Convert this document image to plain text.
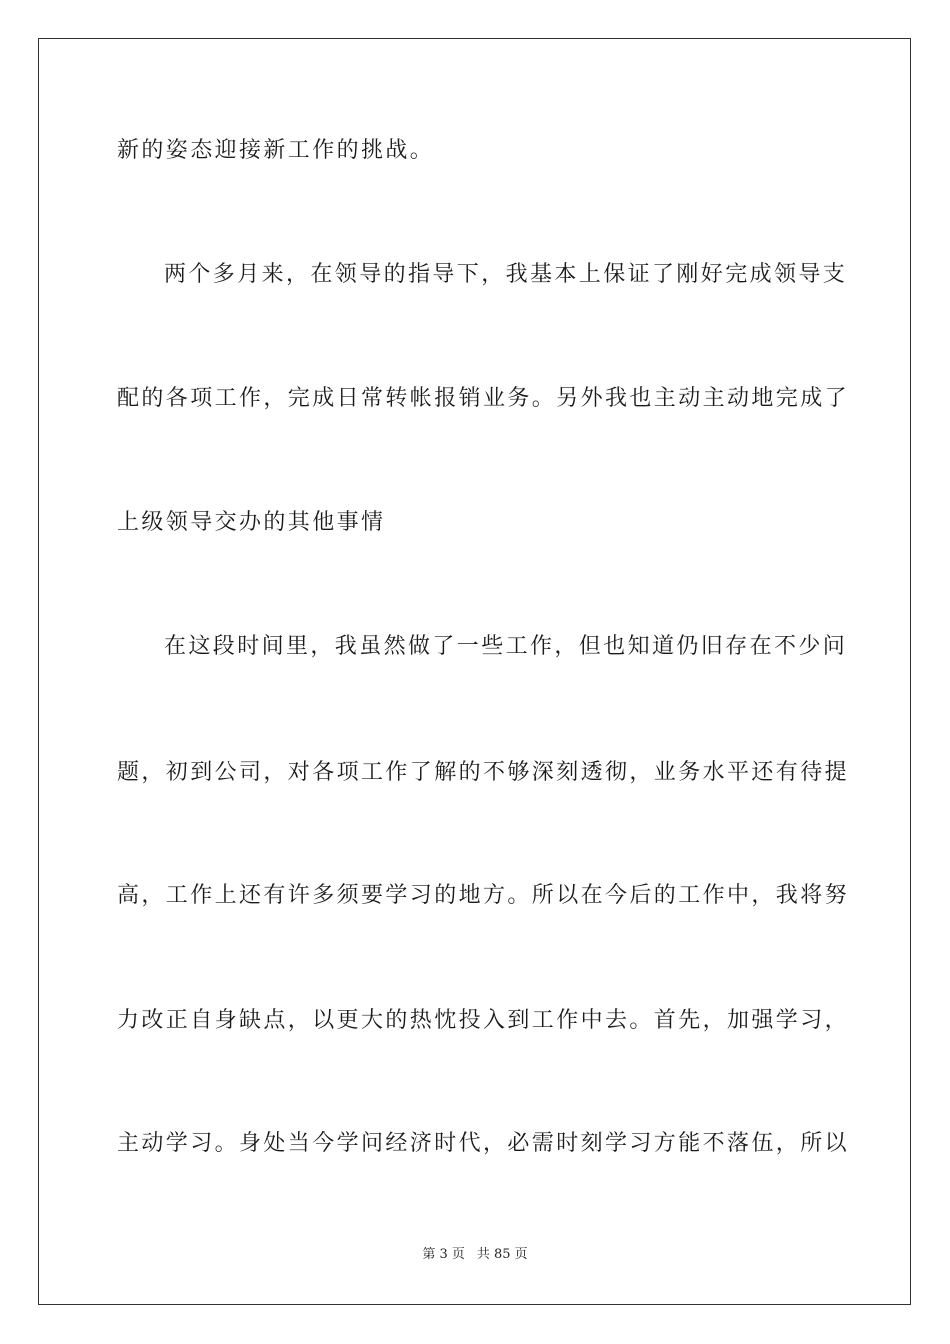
新的姿态迎接新工作的挑战。
两个多月来，在领导的指导下，我基本上保证了刚好完成领导支
配的各项工作，完成日常转帐报销业务。另外我也主动主动地完成了
上级领导交办的其他事情
在这段时间里，我虽然做了一些工作，但也知道仍旧存在不少问
题，初到公司，对各项工作了解的不够深刻透彻，业务水平还有待提
高，工作上还有许多须要学习的地方。所以在今后的工作中，我将努
力改正自身缺点，以更大的热忱投入到工作中去。首先，加强学习，
主动学习。身处当今学问经济时代，必需时刻学习方能不落伍，所以
第 3 页 共 85 页
